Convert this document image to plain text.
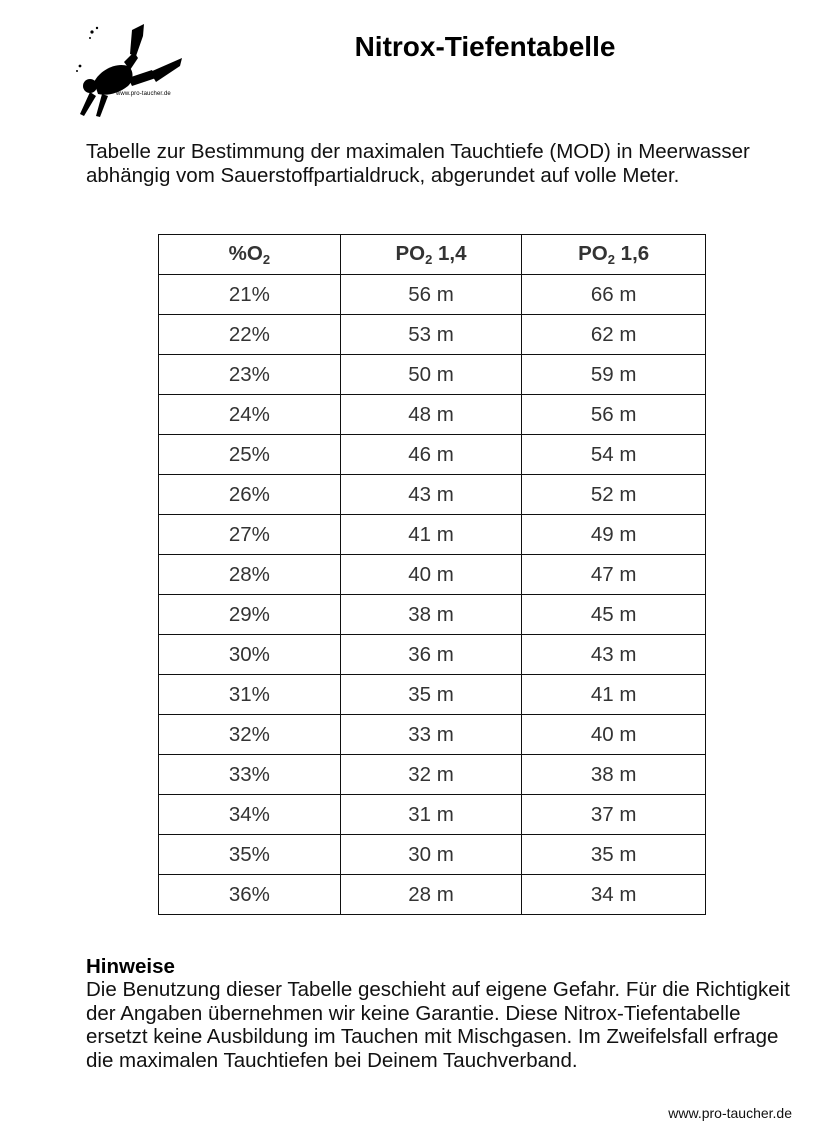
www.pro-taucher.de
Nitrox-Tiefentabelle

Tabelle zur Bestimmung der maximalen Tauchtiefe (MOD) in Meerwasser abhängig vom Sauerstoffpartialdruck, abgerundet auf volle Meter.

$\%O_2$	$PO_2$ 1,4	$PO_2$ 1,6
21%	56 m	66 m
22%	53 m	62 m
23%	50 m	59 m
24%	48 m	56 m
25%	46 m	54 m
26%	43 m	52 m
27%	41 m	49 m
28%	40 m	47 m
29%	38 m	45 m
30%	36 m	43 m
31%	35 m	41 m
32%	33 m	40 m
33%	32 m	38 m
34%	31 m	37 m
35%	30 m	35 m
36%	28 m	34 m

Hinweise

Die Benutzung dieser Tabelle geschieht auf eigene Gefahr. Für die Richtigkeit der Angaben übernehmen wir keine Garantie. Diese Nitrox-Tiefentabelle ersetzt keine Ausbildung im Tauchen mit Mischgasen. Im Zweifelsfall erfrage die maximalen Tauchtiefen bei Deinem Tauchverband.

www.pro-taucher.de
